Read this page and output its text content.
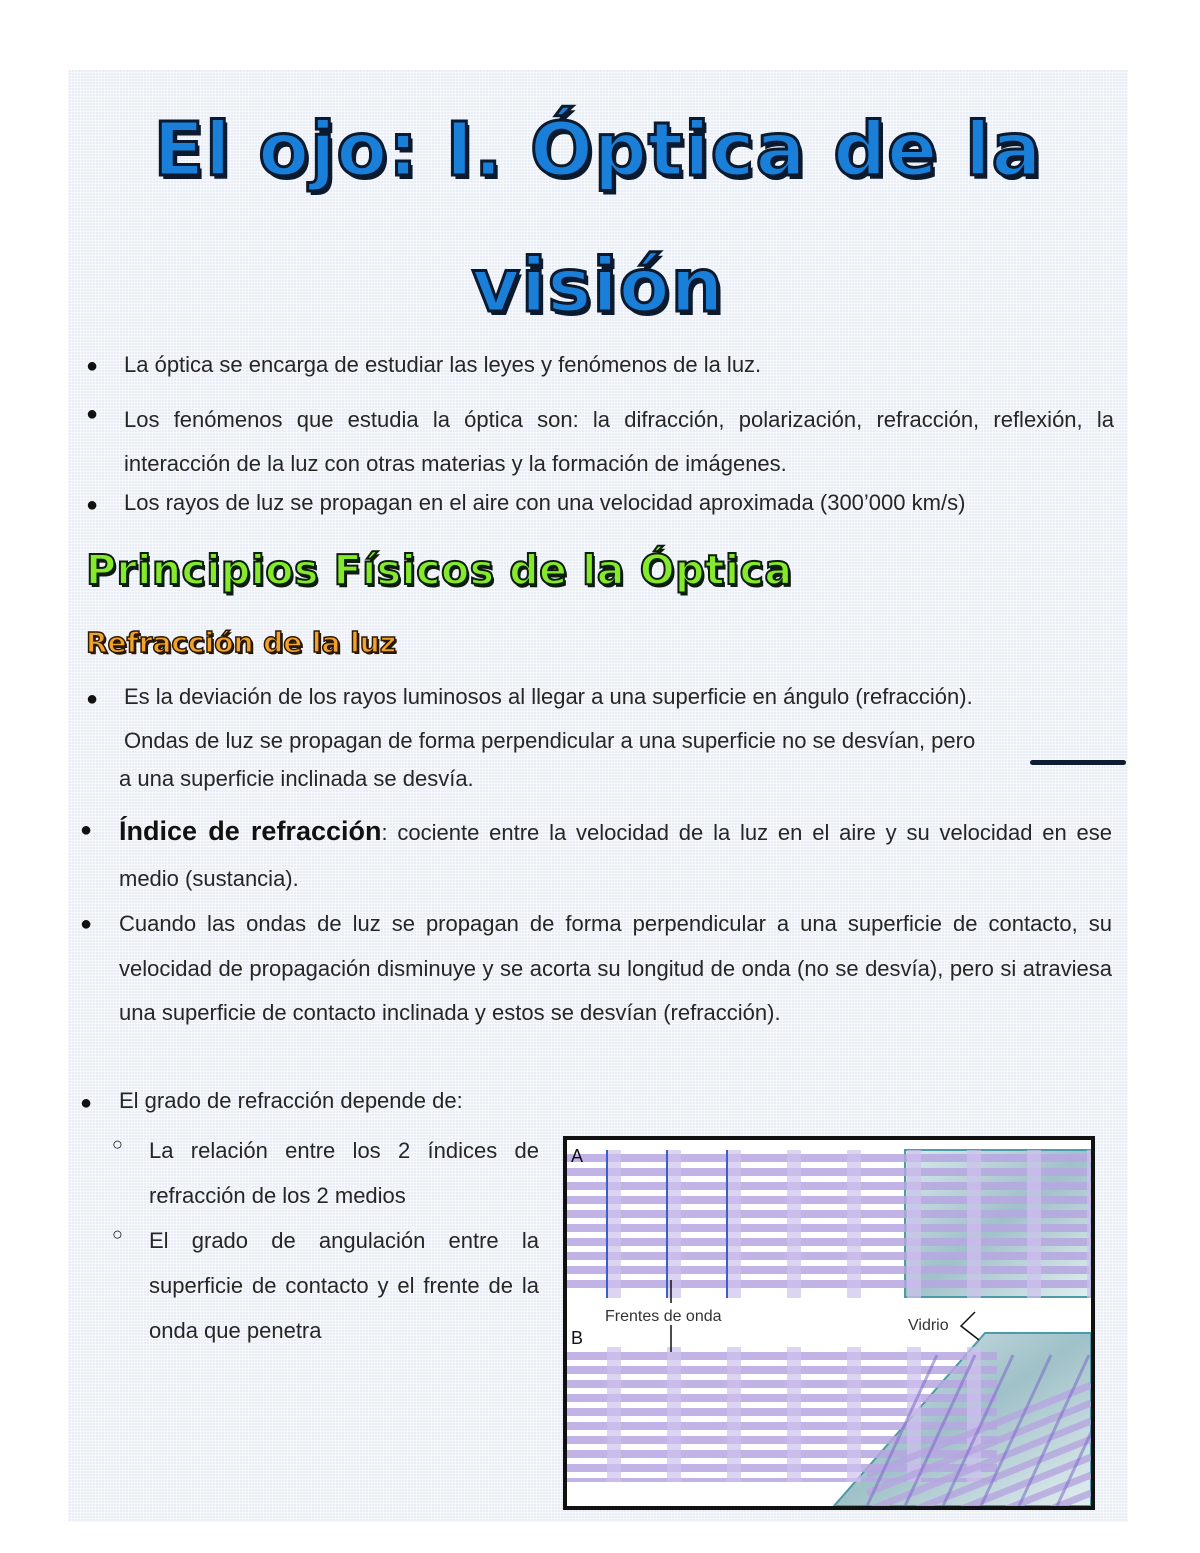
El ojo: I. Óptica de la
visión
● La óptica se encarga de estudiar las leyes y fenómenos de la luz.

● Los fenómenos que estudia la óptica son: la difracción, polarización, refracción, reflexión, la interacción de la luz con otras materias y la formación de imágenes.

● Los rayos de luz se propagan en el aire con una velocidad aproximada (300’000 km/s)

Principios Físicos de la Óptica
Refracción de la luz
● Es la deviación de los rayos luminosos al llegar a una superficie en ángulo (refracción).

Ondas de luz se propagan de forma perpendicular a una superficie no se desvían, pero

a una superficie inclinada se desvía.

● Índice de refracción: cociente entre la velocidad de la luz en el aire y su velocidad en ese medio (sustancia).

● Cuando las ondas de luz se propagan de forma perpendicular a una superficie de contacto, su velocidad de propagación disminuye y se acorta su longitud de onda (no se desvía), pero si atraviesa una superficie de contacto inclinada y estos se desvían (refracción).

● El grado de refracción depende de:

○ La relación entre los 2 índices de refracción de los 2 medios

○ El grado de angulación entre la superficie de contacto y el frente de la onda que penetra

A
B
Frentes de onda
Vidrio
